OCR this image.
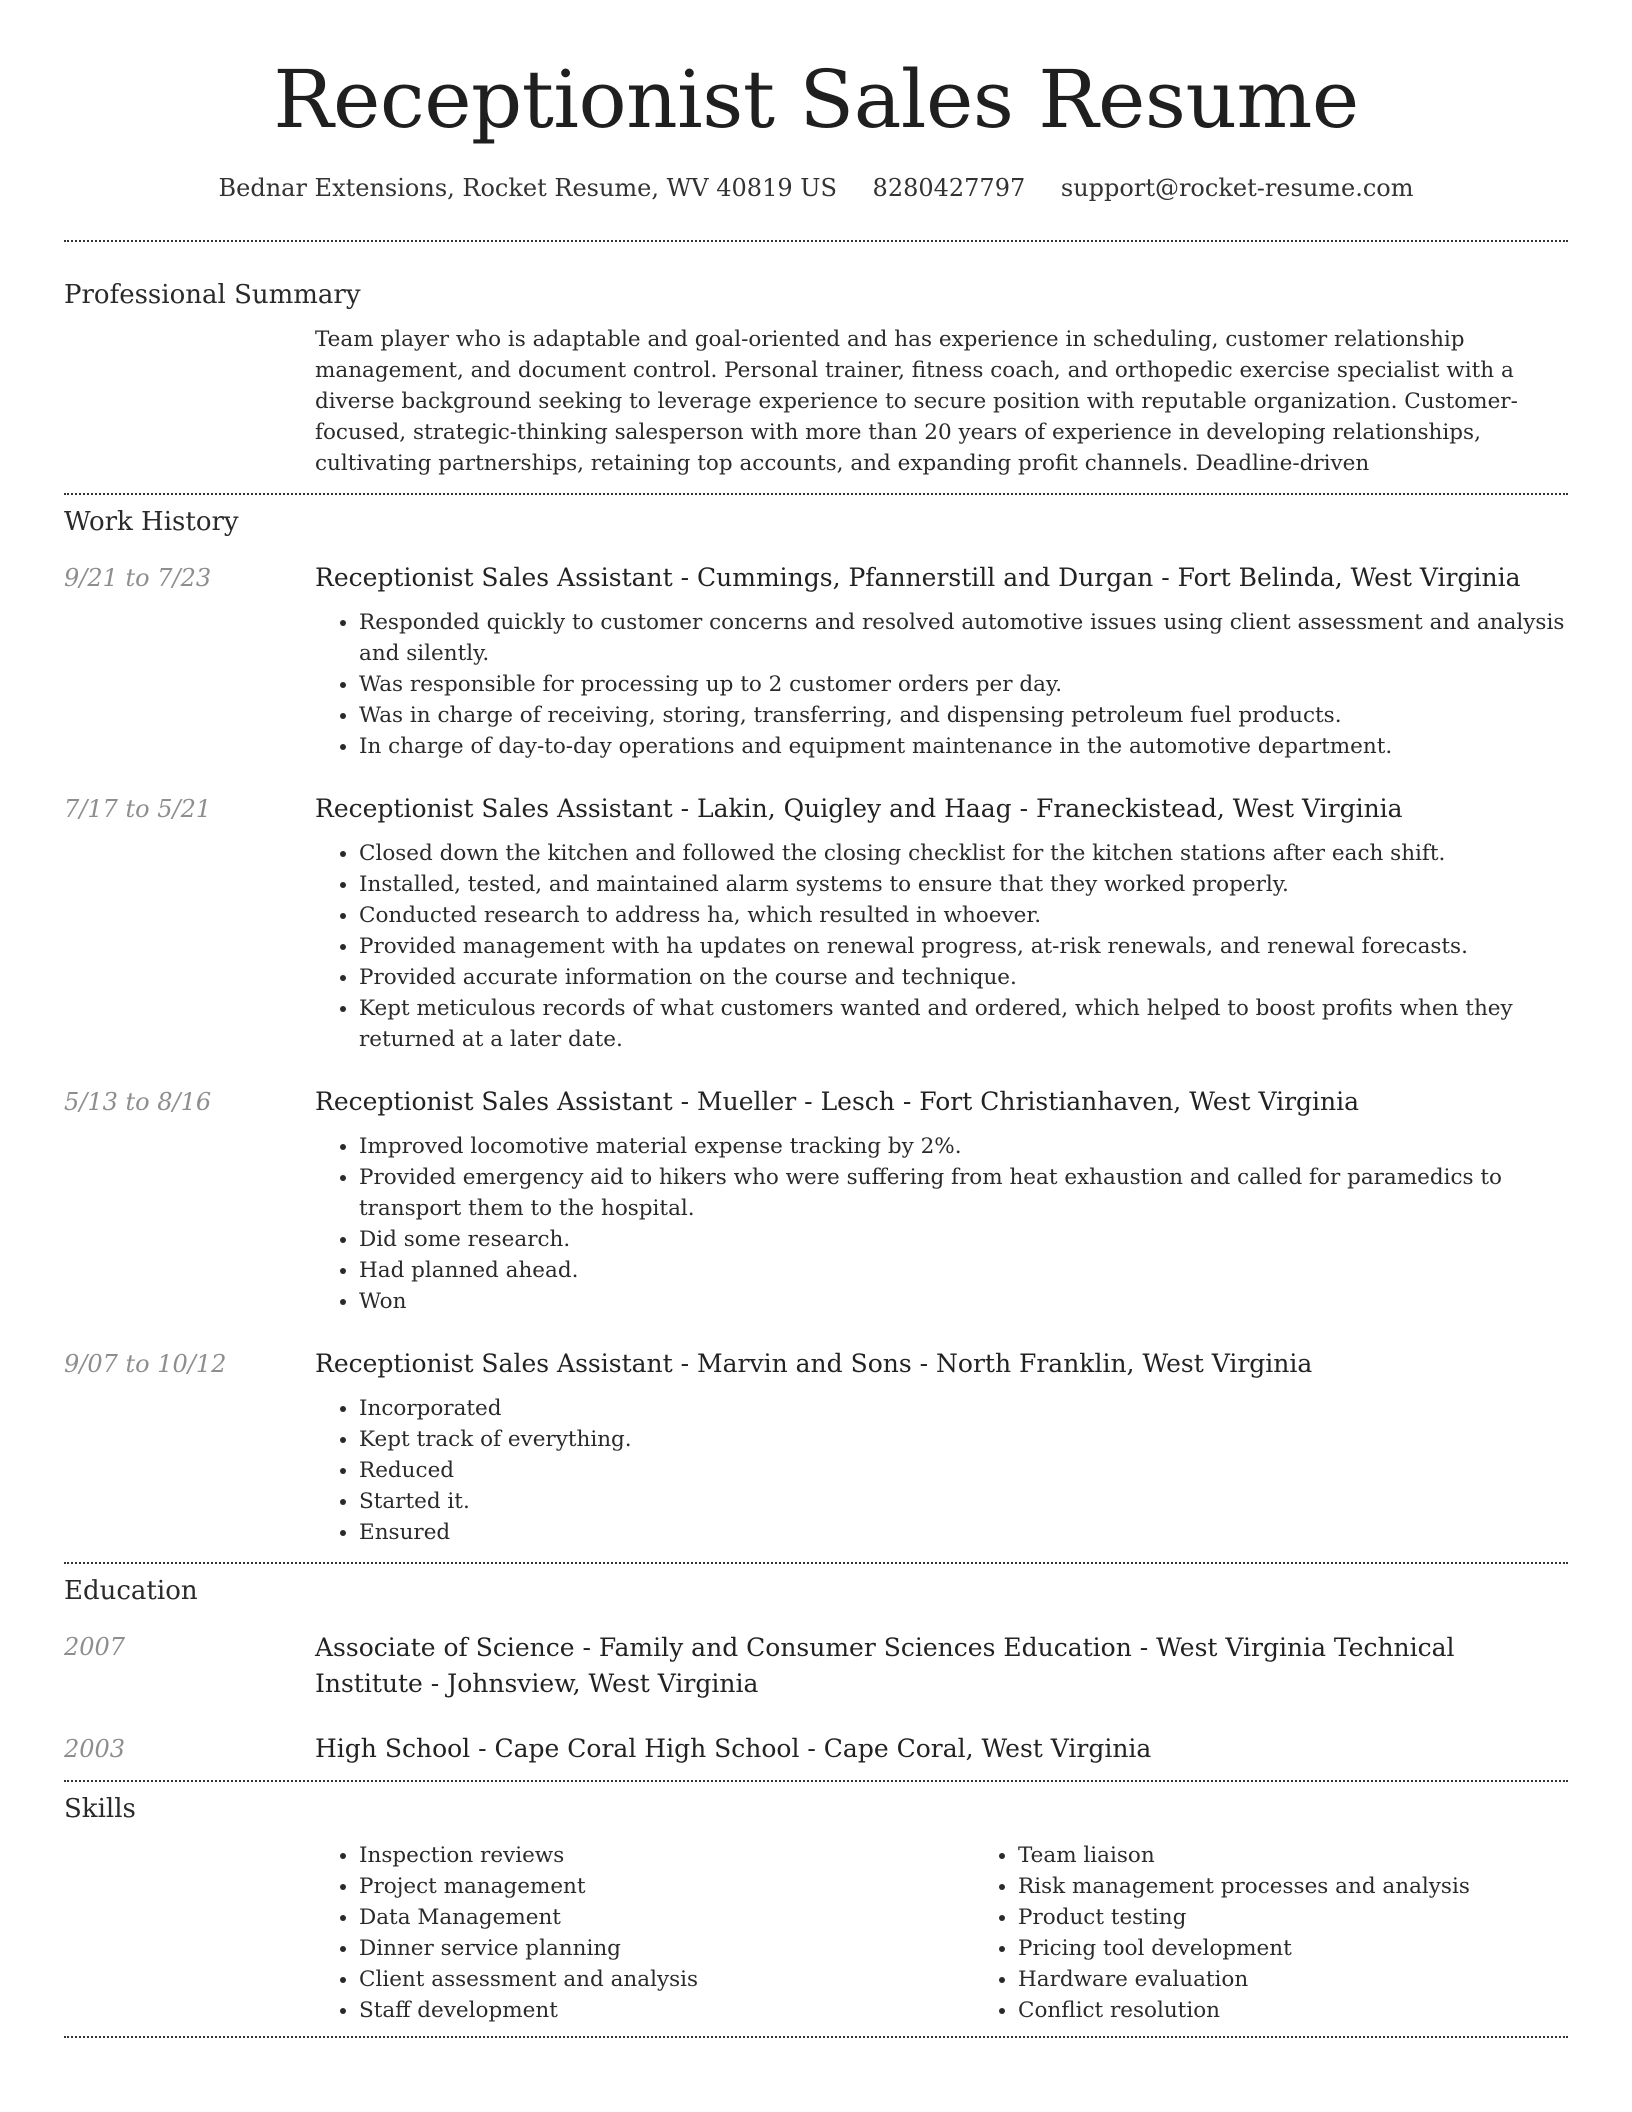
Receptionist Sales Resume
Bednar Extensions, Rocket Resume, WV 40819 US 8280427797 support@rocket-resume.com
Professional Summary
Team player who is adaptable and goal-oriented and has experience in scheduling, customer relationship management, and document control. Personal trainer, fitness coach, and orthopedic exercise specialist with a diverse background seeking to leverage experience to secure position with reputable organization. Customer-focused, strategic-thinking salesperson with more than 20 years of experience in developing relationships, cultivating partnerships, retaining top accounts, and expanding profit channels. Deadline-driven
Work History
9/21 to 7/23	Receptionist Sales Assistant - Cummings, Pfannerstill and Durgan - Fort Belinda, West Virginia
• Responded quickly to customer concerns and resolved automotive issues using client assessment and analysis and silently.
• Was responsible for processing up to 2 customer orders per day.
• Was in charge of receiving, storing, transferring, and dispensing petroleum fuel products.
• In charge of day-to-day operations and equipment maintenance in the automotive department.
7/17 to 5/21	Receptionist Sales Assistant - Lakin, Quigley and Haag - Franeckistead, West Virginia
• Closed down the kitchen and followed the closing checklist for the kitchen stations after each shift.
• Installed, tested, and maintained alarm systems to ensure that they worked properly.
• Conducted research to address ha, which resulted in whoever.
• Provided management with ha updates on renewal progress, at-risk renewals, and renewal forecasts.
• Provided accurate information on the course and technique.
• Kept meticulous records of what customers wanted and ordered, which helped to boost profits when they returned at a later date.
5/13 to 8/16	Receptionist Sales Assistant - Mueller - Lesch - Fort Christianhaven, West Virginia
• Improved locomotive material expense tracking by 2%.
• Provided emergency aid to hikers who were suffering from heat exhaustion and called for paramedics to transport them to the hospital.
• Did some research.
• Had planned ahead.
• Won
9/07 to 10/12	Receptionist Sales Assistant - Marvin and Sons - North Franklin, West Virginia
• Incorporated
• Kept track of everything.
• Reduced
• Started it.
• Ensured
Education
2007	Associate of Science - Family and Consumer Sciences Education - West Virginia Technical Institute - Johnsview, West Virginia
2003	High School - Cape Coral High School - Cape Coral, West Virginia
Skills
• Inspection reviews
• Project management
• Data Management
• Dinner service planning
• Client assessment and analysis
• Staff development
• Team liaison
• Risk management processes and analysis
• Product testing
• Pricing tool development
• Hardware evaluation
• Conflict resolution
